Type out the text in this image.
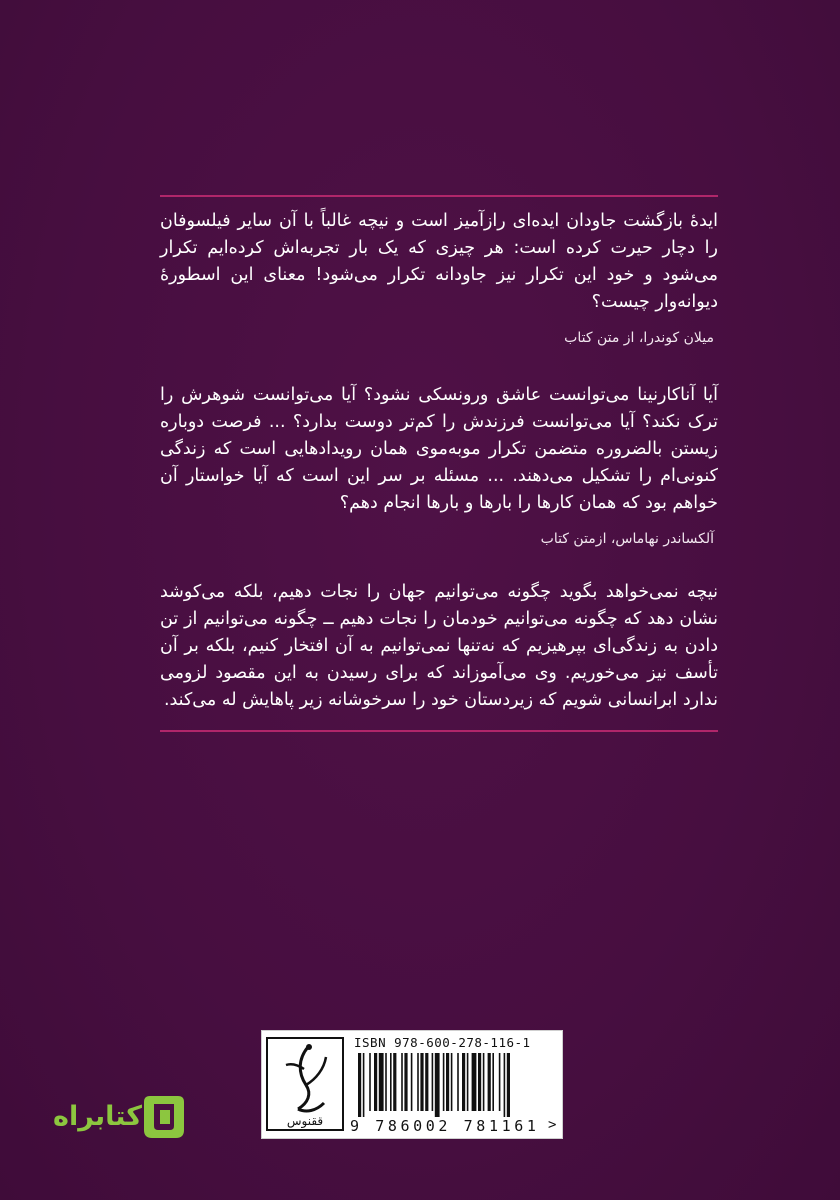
ایدهٔ بازگشت جاودان ایده‌ای رازآمیز است و نیچه غالباً با آن سایر فیلسوفان را دچار حیرت کرده است: هر چیزی که یک بار تجربه‌اش کرده‌ایم تکرار می‌شود و خود این تکرار نیز جاودانه تکرار می‌شود! معنای این اسطورهٔ دیوانه‌وار چیست؟

میلان کوندرا، از متن کتاب

آیا آناکارنینا می‌توانست عاشق ورونسکی نشود؟ آیا می‌توانست شوهرش را ترک نکند؟ آیا می‌توانست فرزندش را کم‌تر دوست بدارد؟ ... فرصت دوباره زیستن بالضروره متضمن تکرار موبه‌موی همان رویدادهایی است که زندگی کنونی‌ام را تشکیل می‌دهند. ... مسئله بر سر این است که آیا خواستار آن خواهم بود که همان کارها را بارها و بارها انجام دهم؟

آلکساندر نهاماس، ازمتن کتاب

نیچه نمی‌خواهد بگوید چگونه می‌توانیم جهان را نجات دهیم، بلکه می‌کوشد نشان دهد که چگونه می‌توانیم خودمان را نجات دهیم ــ چگونه می‌توانیم از تن دادن به زندگی‌ای بپرهیزیم که نه‌تنها نمی‌توانیم به آن افتخار کنیم، بلکه بر آن تأسف نیز می‌خوریم. وی می‌آموزاند که برای رسیدن به این مقصود لزومی ندارد ابرانسانی شویم که زیردستان خود را سرخوشانه زیر پاهایش له می‌کند.

ققنوس
ISBN 978-600-278-116-1
9 786002 781161 >
کتابراه
